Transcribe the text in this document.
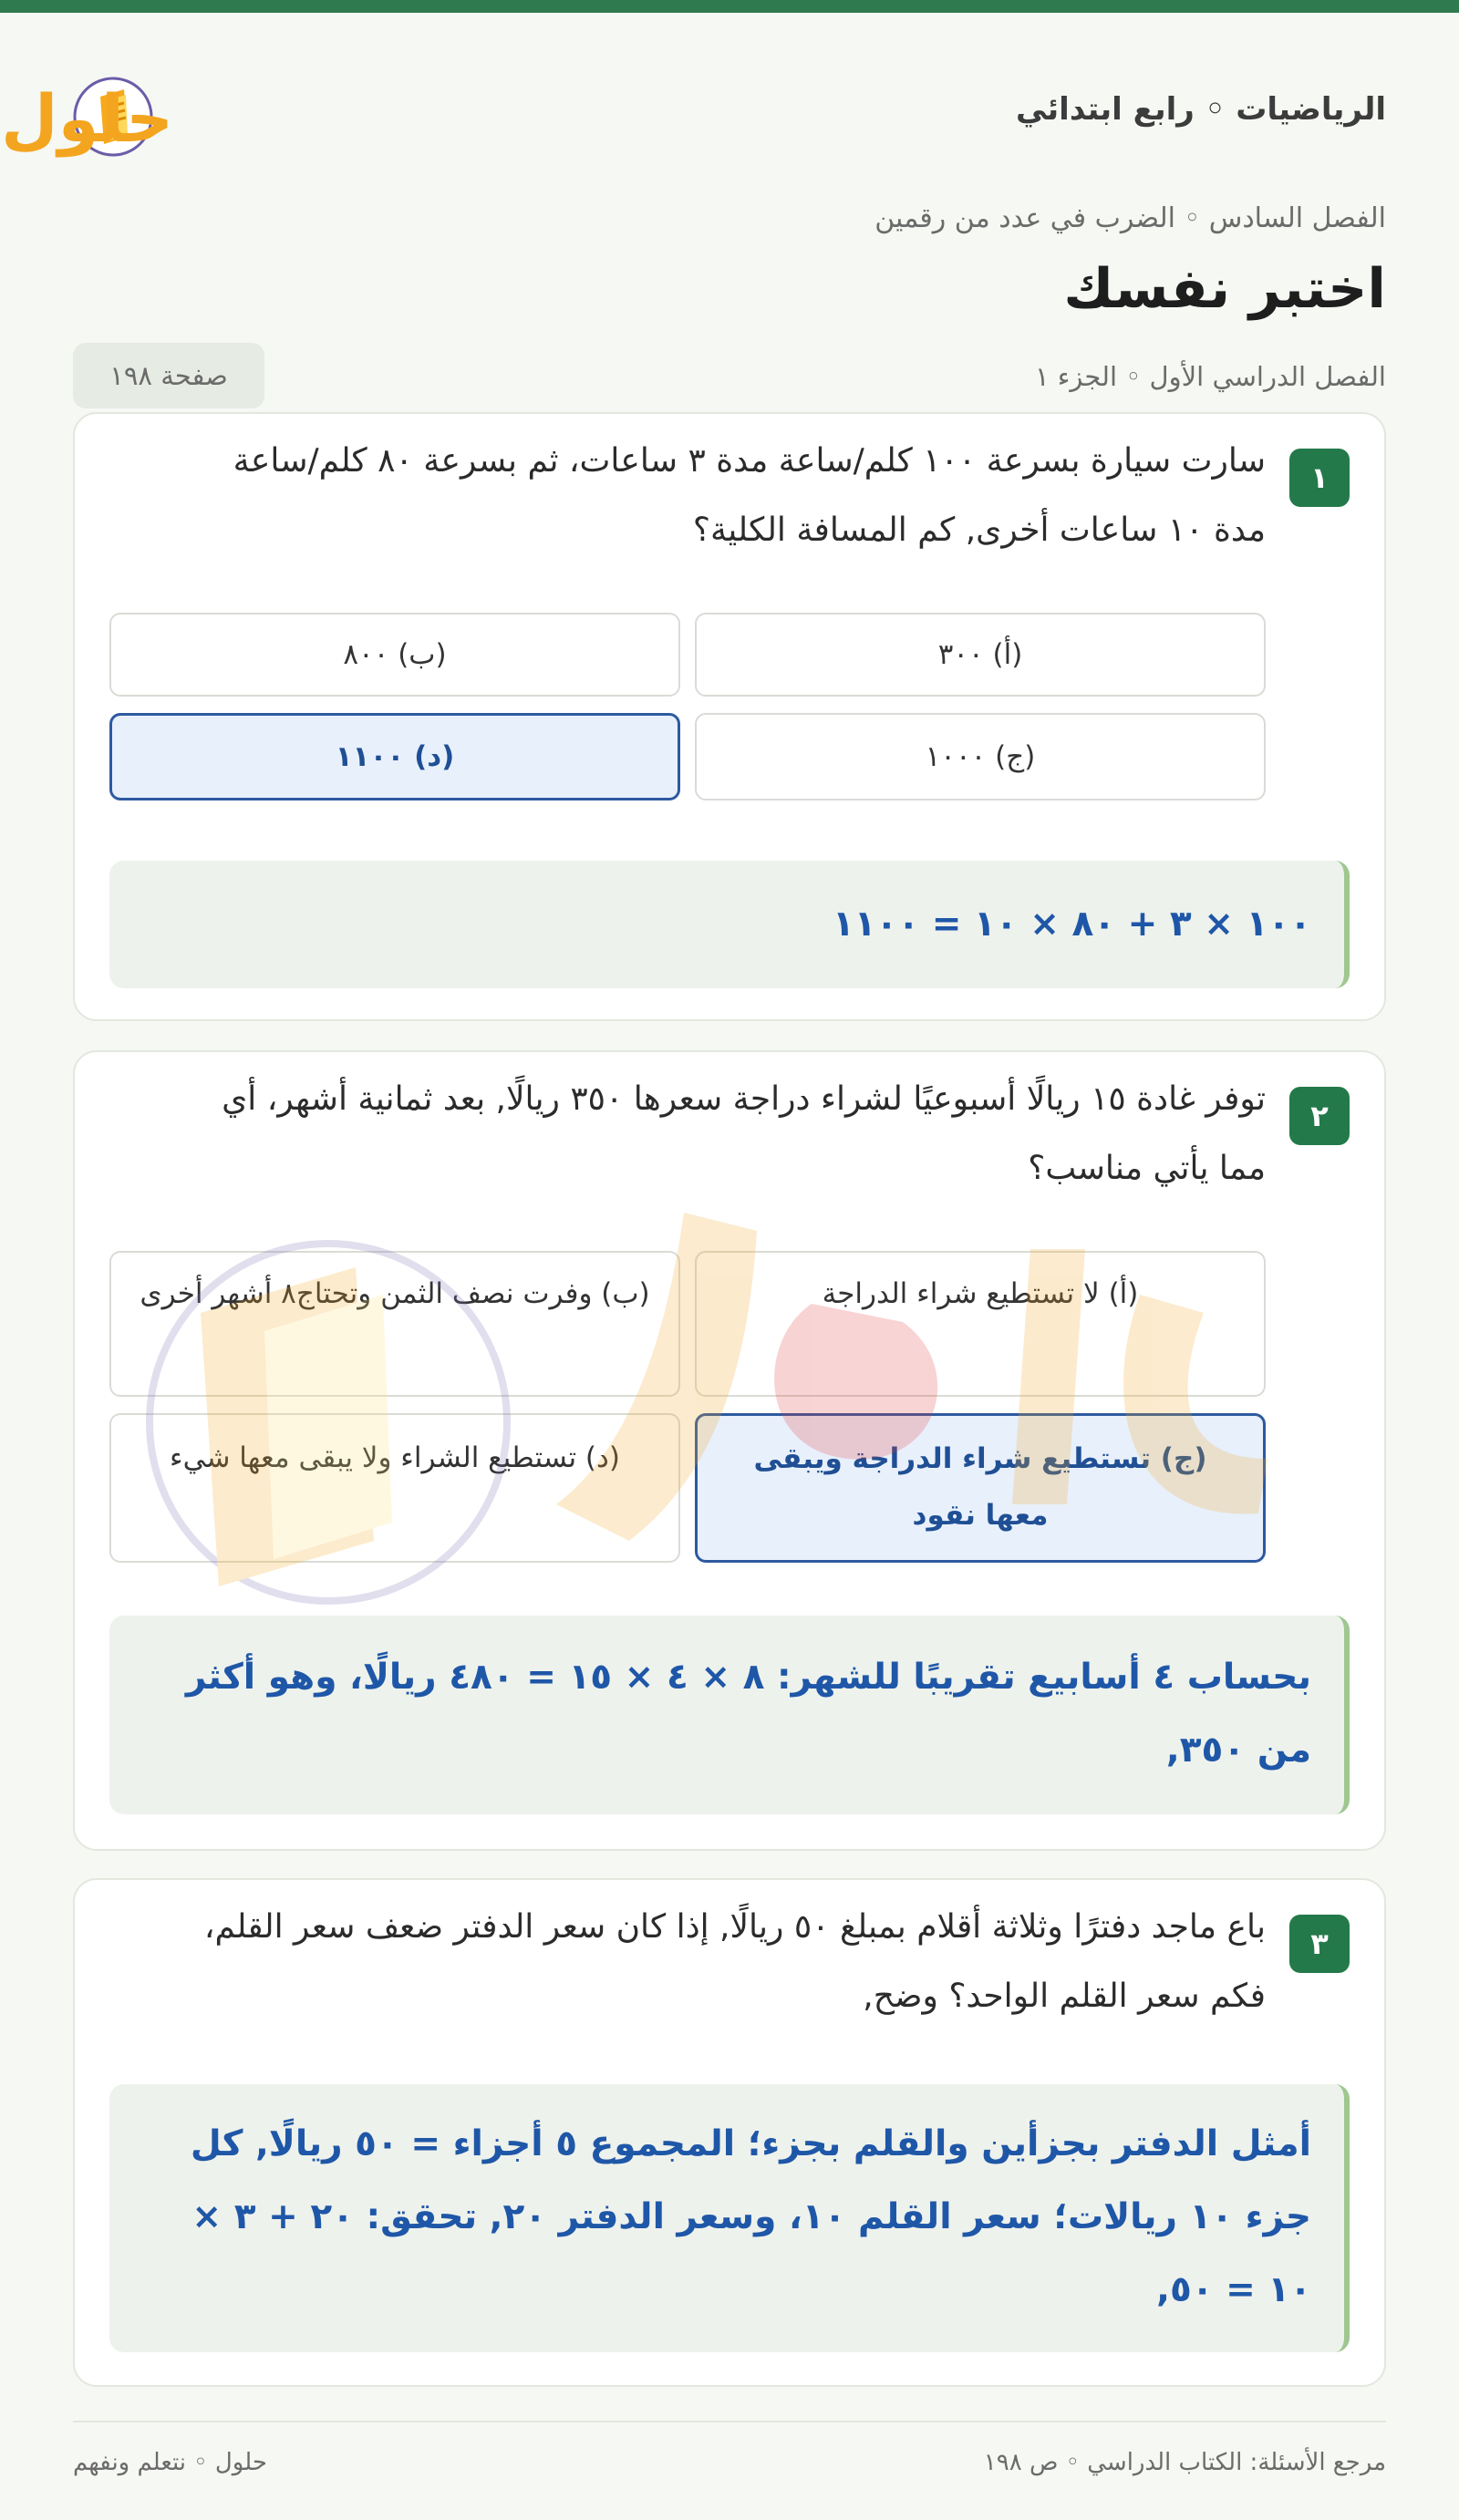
الرياضيات ◦ رابع ابتدائي
حلول
الفصل السادس ◦ الضرب في عدد من رقمين
اختبر نفسك
الفصل الدراسي الأول ◦ الجزء ١
صفحة ١٩٨
١
سارت سيارة بسرعة ١٠٠ كلم/ساعة مدة ٣ ساعات، ثم بسرعة ٨٠ كلم/ساعة مدة ١٠ ساعات أخرى, كم المسافة الكلية؟
(أ) ٣٠٠
(ب) ٨٠٠
(ج) ١٠٠٠
(د) ١١٠٠
١٠٠ × ٣ + ٨٠ × ١٠ = ١١٠٠
٢
توفر غادة ١٥ ريالًا أسبوعيًا لشراء دراجة سعرها ٣٥٠ ريالًا, بعد ثمانية أشهر، أي مما يأتي مناسب؟
(أ) لا تستطيع شراء الدراجة
(ب) وفرت نصف الثمن وتحتاج٨ أشهر أخرى
(ج) تستطيع شراء الدراجة ويبقى معها نقود
(د) تستطيع الشراء ولا يبقى معها شيء
بحساب ٤ أسابيع تقريبًا للشهر: ٨ × ٤ × ١٥ = ٤٨٠ ريالًا، وهو أكثر من ٣٥٠,
٣
باع ماجد دفترًا وثلاثة أقلام بمبلغ ٥٠ ريالًا, إذا كان سعر الدفتر ضعف سعر القلم، فكم سعر القلم الواحد؟ وضح,
أمثل الدفتر بجزأين والقلم بجزء؛ المجموع ٥ أجزاء = ٥٠ ريالًا, كل جزء ١٠ ريالات؛ سعر القلم ١٠، وسعر الدفتر ٢٠, تحقق: ٢٠ + ٣ × ١٠ = ٥٠,
مرجع الأسئلة: الكتاب الدراسي ◦ ص ١٩٨
حلول ◦ نتعلم ونفهم
